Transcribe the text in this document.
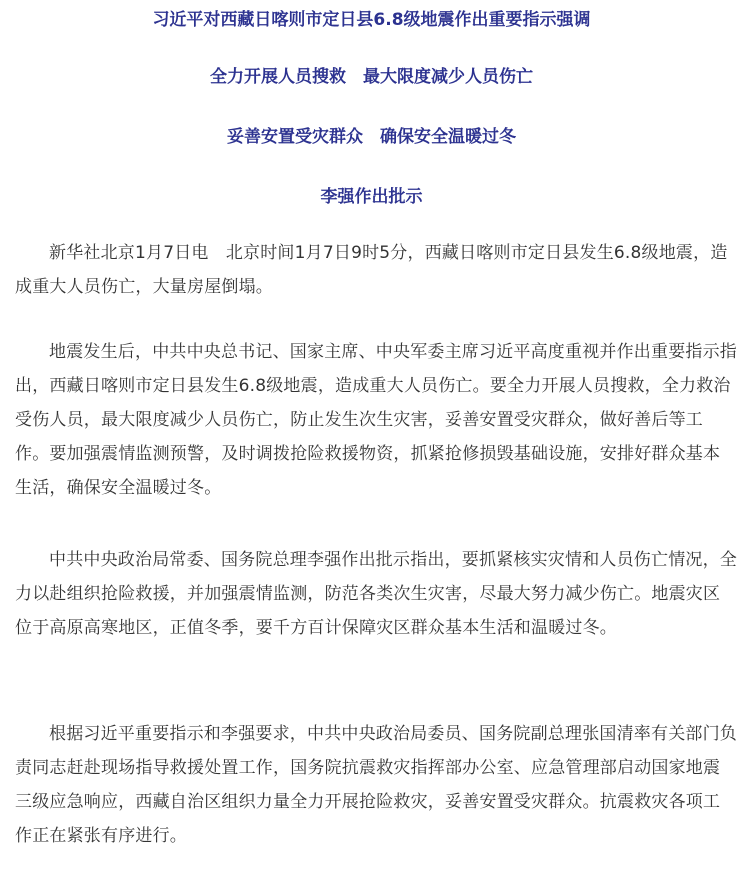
习近平对西藏日喀则市定日县6.8级地震作出重要指示强调
全力开展人员搜救　最大限度减少人员伤亡
妥善安置受灾群众　确保安全温暖过冬
李强作出批示

新华社北京1月7日电　北京时间1月7日9时5分，西藏日喀则市定日县发生6.8级地震，造成重大人员伤亡，大量房屋倒塌。

地震发生后，中共中央总书记、国家主席、中央军委主席习近平高度重视并作出重要指示指出，西藏日喀则市定日县发生6.8级地震，造成重大人员伤亡。要全力开展人员搜救，全力救治受伤人员，最大限度减少人员伤亡，防止发生次生灾害，妥善安置受灾群众，做好善后等工作。要加强震情监测预警，及时调拨抢险救援物资，抓紧抢修损毁基础设施，安排好群众基本生活，确保安全温暖过冬。

中共中央政治局常委、国务院总理李强作出批示指出，要抓紧核实灾情和人员伤亡情况，全力以赴组织抢险救援，并加强震情监测，防范各类次生灾害，尽最大努力减少伤亡。地震灾区位于高原高寒地区，正值冬季，要千方百计保障灾区群众基本生活和温暖过冬。

根据习近平重要指示和李强要求，中共中央政治局委员、国务院副总理张国清率有关部门负责同志赶赴现场指导救援处置工作，国务院抗震救灾指挥部办公室、应急管理部启动国家地震三级应急响应，西藏自治区组织力量全力开展抢险救灾，妥善安置受灾群众。抗震救灾各项工作正在紧张有序进行。
